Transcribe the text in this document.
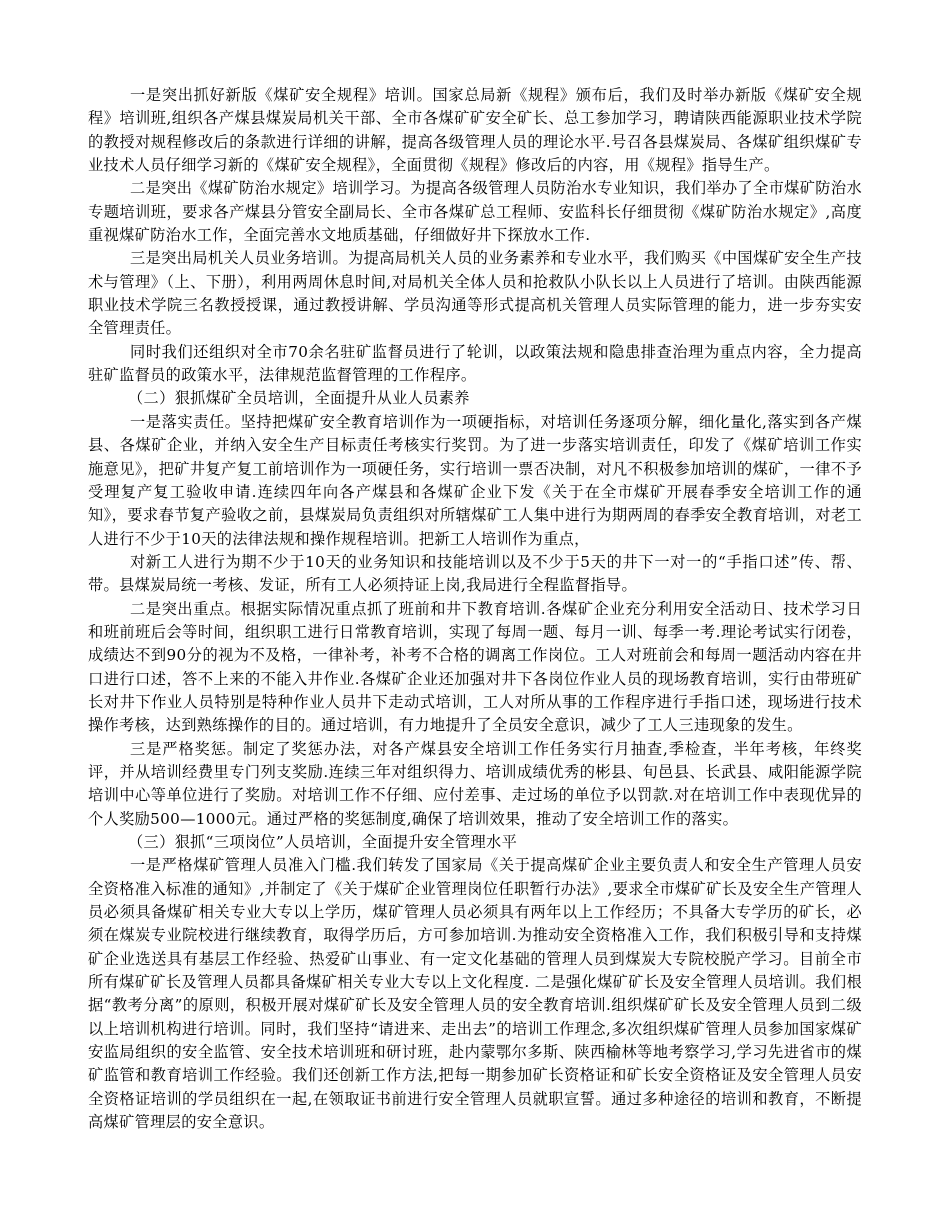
一是突出抓好新版《煤矿安全规程》培训。国家总局新《规程》颁布后，我们及时举办新版《煤矿安全规程》培训班,组织各产煤县煤炭局机关干部、全市各煤矿矿安全矿长、总工参加学习，聘请陕西能源职业技术学院的教授对规程修改后的条款进行详细的讲解，提高各级管理人员的理论水平.号召各县煤炭局、各煤矿组织煤矿专业技术人员仔细学习新的《煤矿安全规程》，全面贯彻《规程》修改后的内容，用《规程》指导生产。

二是突出《煤矿防治水规定》培训学习。为提高各级管理人员防治水专业知识，我们举办了全市煤矿防治水专题培训班，要求各产煤县分管安全副局长、全市各煤矿总工程师、安监科长仔细贯彻《煤矿防治水规定》,高度重视煤矿防治水工作，全面完善水文地质基础，仔细做好井下探放水工作.

三是突出局机关人员业务培训。为提高局机关人员的业务素养和专业水平，我们购买《中国煤矿安全生产技术与管理》（上、下册），利用两周休息时间,对局机关全体人员和抢救队小队长以上人员进行了培训。由陕西能源职业技术学院三名教授授课，通过教授讲解、学员沟通等形式提高机关管理人员实际管理的能力，进一步夯实安全管理责任。

同时我们还组织对全市70余名驻矿监督员进行了轮训，以政策法规和隐患排查治理为重点内容，全力提高驻矿监督员的政策水平，法律规范监督管理的工作程序。

（二）狠抓煤矿全员培训，全面提升从业人员素养

一是落实责任。坚持把煤矿安全教育培训作为一项硬指标，对培训任务逐项分解，细化量化,落实到各产煤县、各煤矿企业，并纳入安全生产目标责任考核实行奖罚。为了进一步落实培训责任，印发了《煤矿培训工作实施意见》，把矿井复产复工前培训作为一项硬任务，实行培训一票否决制，对凡不积极参加培训的煤矿，一律不予受理复产复工验收申请.连续四年向各产煤县和各煤矿企业下发《关于在全市煤矿开展春季安全培训工作的通知》，要求春节复产验收之前，县煤炭局负责组织对所辖煤矿工人集中进行为期两周的春季安全教育培训，对老工人进行不少于10天的法律法规和操作规程培训。把新工人培训作为重点，

对新工人进行为期不少于10天的业务知识和技能培训以及不少于5天的井下一对一的“手指口述”传、帮、带。县煤炭局统一考核、发证，所有工人必须持证上岗,我局进行全程监督指导。

二是突出重点。根据实际情况重点抓了班前和井下教育培训.各煤矿企业充分利用安全活动日、技术学习日和班前班后会等时间，组织职工进行日常教育培训，实现了每周一题、每月一训、每季一考.理论考试实行闭卷，成绩达不到90分的视为不及格，一律补考，补考不合格的调离工作岗位。工人对班前会和每周一题活动内容在井口进行口述，答不上来的不能入井作业.各煤矿企业还加强对井下各岗位作业人员的现场教育培训，实行由带班矿长对井下作业人员特别是特种作业人员井下走动式培训，工人对所从事的工作程序进行手指口述，现场进行技术操作考核，达到熟练操作的目的。通过培训，有力地提升了全员安全意识，减少了工人三违现象的发生。

三是严格奖惩。制定了奖惩办法，对各产煤县安全培训工作任务实行月抽查,季检查，半年考核，年终奖评，并从培训经费里专门列支奖励.连续三年对组织得力、培训成绩优秀的彬县、旬邑县、长武县、咸阳能源学院培训中心等单位进行了奖励。对培训工作不仔细、应付差事、走过场的单位予以罚款.对在培训工作中表现优异的个人奖励500—1000元。通过严格的奖惩制度,确保了培训效果，推动了安全培训工作的落实。

（三）狠抓“三项岗位”人员培训，全面提升安全管理水平

一是严格煤矿管理人员准入门槛.我们转发了国家局《关于提高煤矿企业主要负责人和安全生产管理人员安全资格准入标准的通知》,并制定了《关于煤矿企业管理岗位任职暂行办法》,要求全市煤矿矿长及安全生产管理人员必须具备煤矿相关专业大专以上学历，煤矿管理人员必须具有两年以上工作经历；不具备大专学历的矿长，必须在煤炭专业院校进行继续教育，取得学历后，方可参加培训.为推动安全资格准入工作，我们积极引导和支持煤矿企业选送具有基层工作经验、热爱矿山事业、有一定文化基础的管理人员到煤炭大专院校脱产学习。目前全市所有煤矿矿长及管理人员都具备煤矿相关专业大专以上文化程度. 二是强化煤矿矿长及安全管理人员培训。我们根据“教考分离”的原则，积极开展对煤矿矿长及安全管理人员的安全教育培训.组织煤矿矿长及安全管理人员到二级以上培训机构进行培训。同时，我们坚持“请进来、走出去”的培训工作理念,多次组织煤矿管理人员参加国家煤矿安监局组织的安全监管、安全技术培训班和研讨班，赴内蒙鄂尔多斯、陕西榆林等地考察学习,学习先进省市的煤矿监管和教育培训工作经验。我们还创新工作方法,把每一期参加矿长资格证和矿长安全资格证及安全管理人员安全资格证培训的学员组织在一起,在领取证书前进行安全管理人员就职宣誓。通过多种途径的培训和教育，不断提高煤矿管理层的安全意识。
